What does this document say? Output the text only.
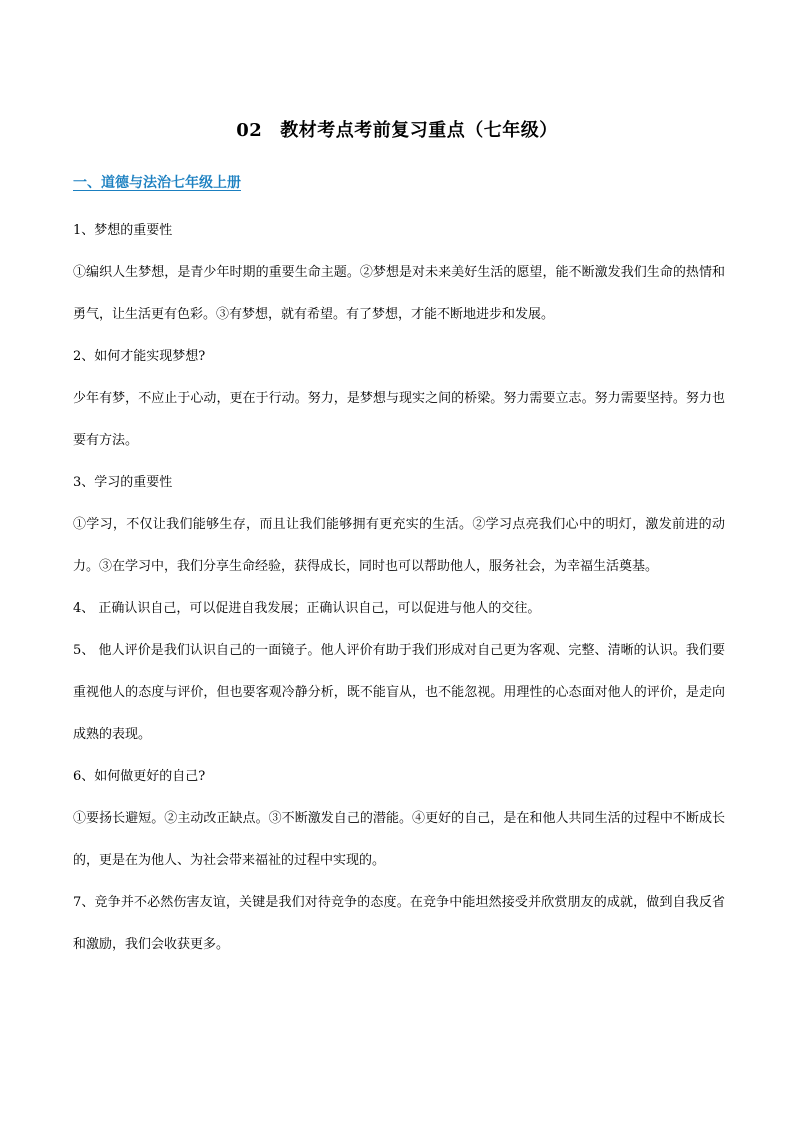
02 教材考点考前复习重点（七年级）
一、道德与法治七年级上册

1、梦想的重要性

①编织人生梦想，是青少年时期的重要生命主题。②梦想是对未来美好生活的愿望，能不断激发我们生命的热情和勇气，让生活更有色彩。③有梦想，就有希望。有了梦想，才能不断地进步和发展。

2、如何才能实现梦想?

少年有梦，不应止于心动，更在于行动。努力，是梦想与现实之间的桥梁。努力需要立志。努力需要坚持。努力也要有方法。

3、学习的重要性

①学习，不仅让我们能够生存，而且让我们能够拥有更充实的生活。②学习点亮我们心中的明灯，激发前进的动力。③在学习中，我们分享生命经验，获得成长，同时也可以帮助他人，服务社会，为幸福生活奠基。

4、 正确认识自己，可以促进自我发展；正确认识自己，可以促进与他人的交往。

5、 他人评价是我们认识自己的一面镜子。他人评价有助于我们形成对自己更为客观、完整、清晰的认识。我们要重视他人的态度与评价，但也要客观冷静分析，既不能盲从，也不能忽视。用理性的心态面对他人的评价，是走向成熟的表现。

6、如何做更好的自己?

①要扬长避短。②主动改正缺点。③不断激发自己的潜能。④更好的自己，是在和他人共同生活的过程中不断成长的，更是在为他人、为社会带来福祉的过程中实现的。

7、竞争并不必然伤害友谊，关键是我们对待竞争的态度。在竞争中能坦然接受并欣赏朋友的成就，做到自我反省和激励，我们会收获更多。
